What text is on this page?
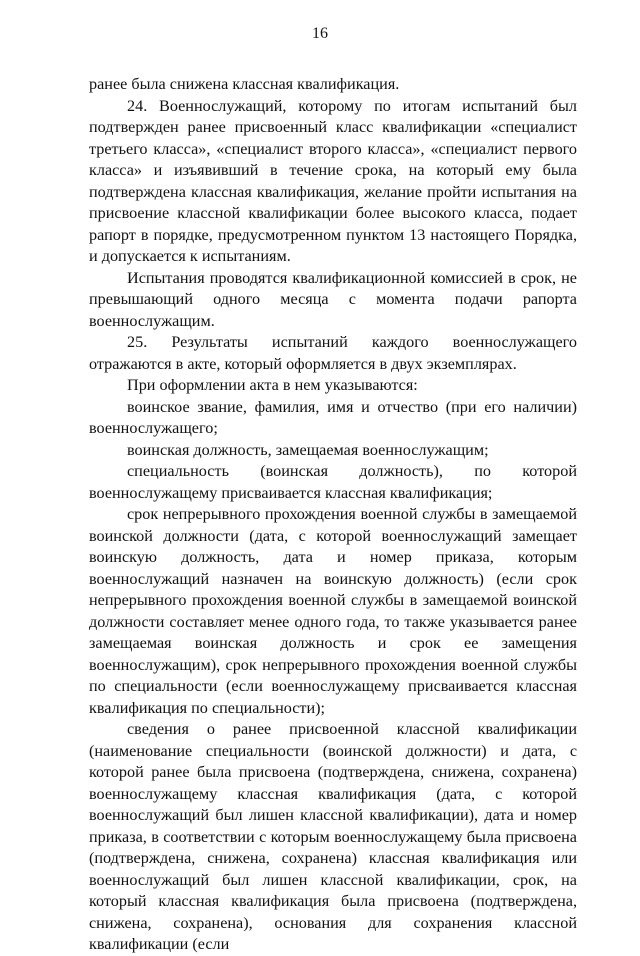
16

ранее была снижена классная квалификация.

24. Военнослужащий, которому по итогам испытаний был подтвержден ранее присвоенный класс квалификации «специалист третьего класса», «специалист второго класса», «специалист первого класса» и изъявивший в течение срока, на который ему была подтверждена классная квалификация, желание пройти испытания на присвоение классной квалификации более высокого класса, подает рапорт в порядке, предусмотренном пунктом 13 настоящего Порядка, и допускается к испытаниям.

Испытания проводятся квалификационной комиссией в срок, не превышающий одного месяца с момента подачи рапорта военнослужащим.

25. Результаты испытаний каждого военнослужащего отражаются в акте, который оформляется в двух экземплярах.

При оформлении акта в нем указываются:

воинское звание, фамилия, имя и отчество (при его наличии) военнослужащего;

воинская должность, замещаемая военнослужащим;

специальность (воинская должность), по которой военнослужащему присваивается классная квалификация;

срок непрерывного прохождения военной службы в замещаемой воинской должности (дата, с которой военнослужащий замещает воинскую должность, дата и номер приказа, которым военнослужащий назначен на воинскую должность) (если срок непрерывного прохождения военной службы в замещаемой воинской должности составляет менее одного года, то также указывается ранее замещаемая воинская должность и срок ее замещения военнослужащим), срок непрерывного прохождения военной службы по специальности (если военнослужащему присваивается классная квалификация по специальности);

сведения о ранее присвоенной классной квалификации (наименование специальности (воинской должности) и дата, с которой ранее была присвоена (подтверждена, снижена, сохранена) военнослужащему классная квалификация (дата, с которой военнослужащий был лишен классной квалификации), дата и номер приказа, в соответствии с которым военнослужащему была присвоена (подтверждена, снижена, сохранена) классная квалификация или военнослужащий был лишен классной квалификации, срок, на который классная квалификация была присвоена (подтверждена, снижена, сохранена), основания для сохранения классной квалификации (если
